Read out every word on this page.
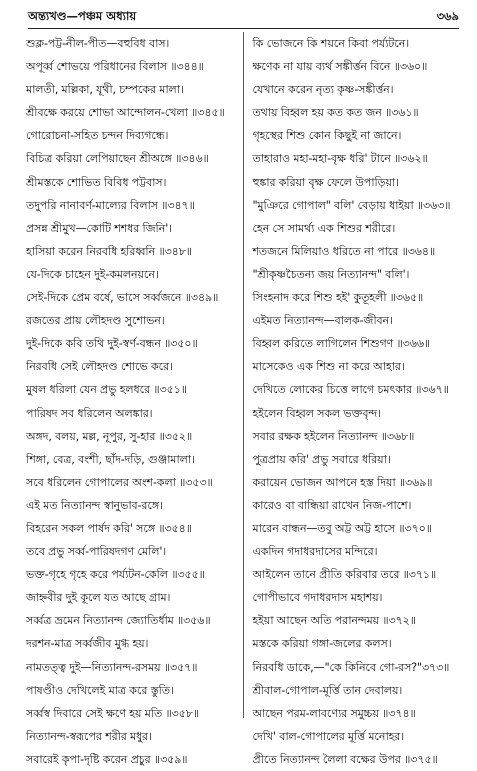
অন্ত্যখণ্ড—পঞ্চম অধ্যায়	৩৬৯
শুক্ল-পট্ট-নীল-পীত—বহুবিধ বাস।
অপূর্ব্ব শোভয়ে পরিধানের বিলাস ॥৩৪৪॥
মালতী, মল্লিকা, যূথী, চম্পকের মালা।
শ্রীবক্ষে করয়ে শোভা আন্দোলন-খেলা ॥৩৪৫॥
গোরোচনা-সহিত চন্দন দিব্যগন্ধে।
বিচিত্র করিয়া লেপিয়াছেন শ্রীঅঙ্গে ॥৩৪৬॥
শ্রীমস্তকে শোভিত বিবিধ পট্টবাস।
তদুপরি নানাবর্ণ-মাল্যের বিলাস ॥৩৪৭॥
প্রসন্ন শ্রীমুখ—কোটি শশধর জিনি'।
হাসিয়া করেন নিরবধি হরিধ্বনি ॥৩৪৮॥
যে-দিকে চাহেন দুই-কমলনয়নে।
সেই-দিকে প্রেম বর্ষে, ভাসে সর্ব্বজনে ॥৩৪৯॥
রজতের প্রায় লৌহদণ্ড সুশোভন।
দুই-দিকে কবি তথি দুই-স্বর্ণ-বন্ধন ॥৩৫০॥
নিরবধি সেই লৌহদণ্ড শোভে করে।
মুষল ধরিলা যেন প্রভু হলধরে ॥৩৫১॥
পারিষদ সব ধরিলেন অলঙ্কার।
অঙ্গদ, বলয়, মল্ল, নূপুর, সু-হার ॥৩৫২॥
শিঙ্গা, বেত্র, বংশী, ছাঁদ-দড়ি, গুঞ্জামালা।
সবে ধরিলেন গোপালের অংশ-কলা ॥৩৫৩॥
এই মত নিত্যানন্দ স্বানুভাব-রঙ্গে।
বিহরেন সকল পার্ষদ করি' সঙ্গে ॥৩৫৪॥
তবে প্রভু সর্ব্ব-পারিষদগণ মেলি'।
ভক্ত-গৃহে গৃহে করে পর্য্যটন-কেলি ॥৩৫৫॥
জাহ্নবীর দুই কূলে যত আছে গ্রাম।
সর্ব্বত্র ভ্রমেন নিত্যানন্দ জ্যোতির্ধাম ॥৩৫৬॥
দরশন-মাত্র সর্ব্বজীব মুগ্ধ হয়।
নামতত্ত্ব দুই—নিত্যানন্দ-রসময় ॥৩৫৭॥
পাষণ্ডীও দেখিলেই মাত্র করে স্তুতি।
সর্ব্বস্ব দিবারে সেই ক্ষণে হয় মতি ॥৩৫৮॥
নিত্যানন্দ-স্বরূপের শরীর মধুর।
সবারেই কৃপা-দৃষ্টি করেন প্রচুর ॥৩৫৯॥
কি ভোজনে কি শয়নে কিবা পর্য্যটনে।
ক্ষণেক না যায় ব্যর্থ সঙ্কীর্ত্তন বিনে ॥৩৬০॥
যেখানে করেন নৃত্য কৃষ্ণ-সঙ্কীর্ত্তন।
তথায় বিহ্বল হয় কত কত জন ॥৩৬১॥
গৃহস্থের শিশু কোন কিছুই না জানে।
তাহারাও মহা-মহা-বৃক্ষ ধরি' টানে ॥৩৬২॥
হুঙ্কার করিয়া বৃক্ষ ফেলে উপাড়িয়া।
"মুঞিরে গোপাল" বলি' বেড়ায় ধাইয়া ॥৩৬৩॥
হেন সে সামর্থ্য এক শিশুর শরীরে।
শতজনে মিলিয়াও ধরিতে না পারে ॥৩৬৪॥
"শ্রীকৃষ্ণচৈতন্য জয় নিত্যানন্দ" বলি'।
সিংহনাদ করে শিশু হই' কুতূহলী ॥৩৬৫॥
এইমত নিত্যানন্দ—বালক-জীবন।
বিহ্বল করিতে লাগিলেন শিশুগণ ॥৩৬৬॥
মাসেকেও এক শিশু না করে আহার।
দেখিতে লোকের চিত্তে লাগে চমৎকার ॥৩৬৭॥
হইলেন বিহ্বল সকল ভক্তবৃন্দ।
সবার রক্ষক হইলেন নিত্যানন্দ ॥৩৬৮॥
পুত্রপ্রায় করি' প্রভু সবারে ধরিয়া।
করায়েন ভোজন আপনে হস্ত দিয়া ॥৩৬৯॥
কারেও বা বান্ধিয়া রাখেন নিজ-পাশে।
মারেন বান্ধন—তবু অট্ট অট্ট হাসে ॥৩৭০॥
একদিন গদাধরদাসের মন্দিরে।
আইলেন তানে প্রীতি করিবার তরে ॥৩৭১॥
গোপীভাবে গদাধরদাস মহাশয়।
হইয়া আছেন অতি পরানন্দময় ॥৩৭২॥
মস্তকে করিয়া গঙ্গা-জলের কলস।
নিরবধি ডাকে,—"কে কিনিবে গো-রস?"৩৭৩॥
শ্রীবাল-গোপাল-মূর্ত্তি তান দেবালয়।
আছেন পরম-লাবণ্যের সমুচ্চয় ॥৩৭৪॥
দেখি' বাল-গোপালের মূর্ত্তি মনোহর।
প্রীতে নিত্যানন্দ লৈলা বক্ষের উপর ॥৩৭৫॥
